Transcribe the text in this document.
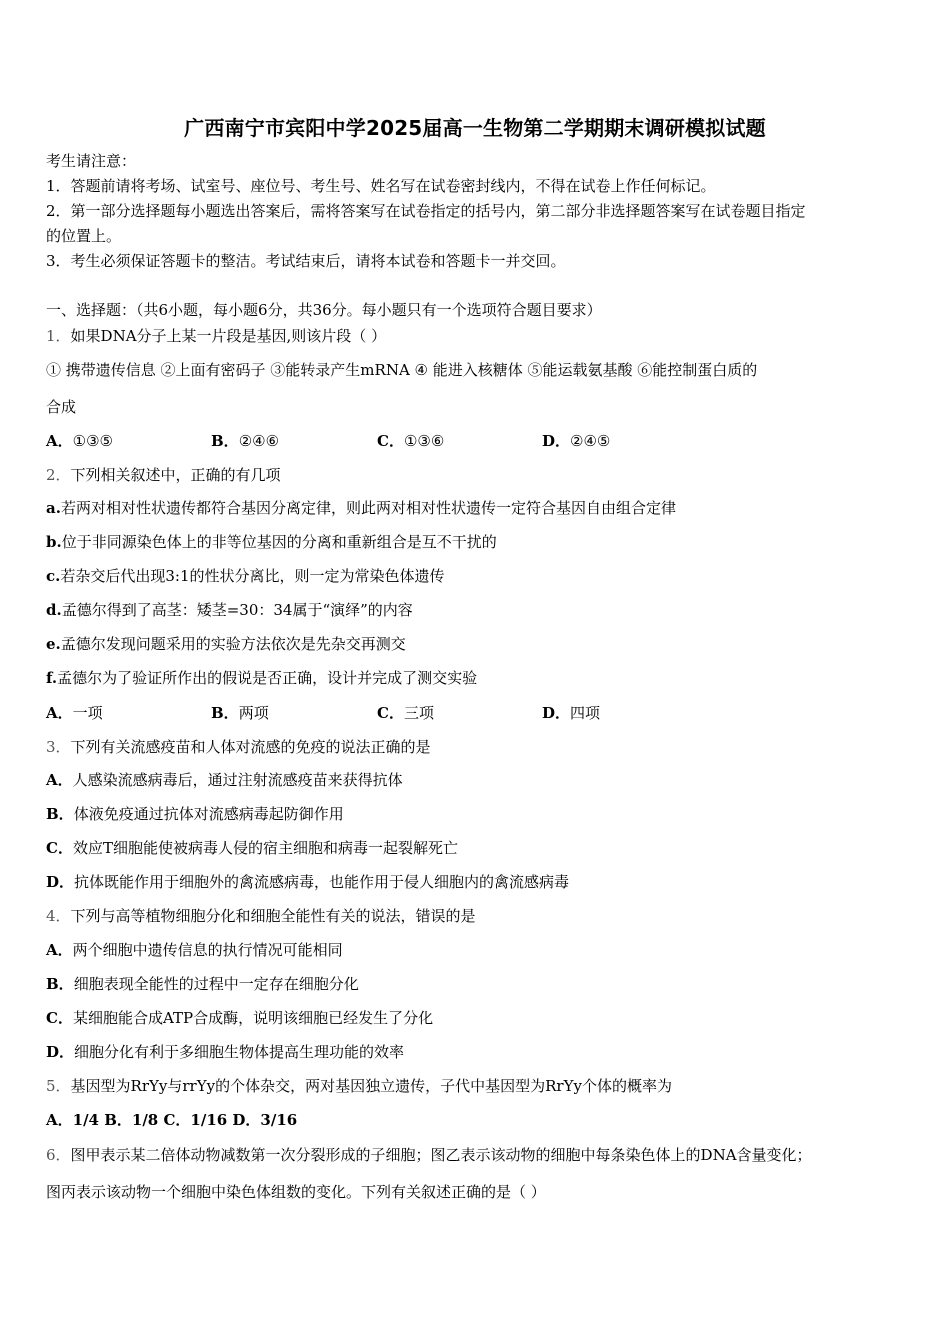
广西南宁市宾阳中学2025届高一生物第二学期期末调研模拟试题
考生请注意：
1．答题前请将考场、试室号、座位号、考生号、姓名写在试卷密封线内，不得在试卷上作任何标记。
2．第一部分选择题每小题选出答案后，需将答案写在试卷指定的括号内，第二部分非选择题答案写在试卷题目指定
的位置上。
3．考生必须保证答题卡的整洁。考试结束后，请将本试卷和答题卡一并交回。
一、选择题：（共6小题，每小题6分，共36分。每小题只有一个选项符合题目要求）
1．如果DNA分子上某一片段是基因,则该片段（ ）
① 携带遗传信息 ②上面有密码子 ③能转录产生mRNA ④ 能进入核糖体 ⑤能运载氨基酸 ⑥能控制蛋白质的
合成
A．①③⑤	B．②④⑥	C．①③⑥	D．②④⑤
2．下列相关叙述中，正确的有几项
a.若两对相对性状遗传都符合基因分离定律，则此两对相对性状遗传一定符合基因自由组合定律
b.位于非同源染色体上的非等位基因的分离和重新组合是互不干扰的
c.若杂交后代出现3:1的性状分离比，则一定为常染色体遗传
d.孟德尔得到了高茎：矮茎=30：34属于“演绎”的内容
e.孟德尔发现问题采用的实验方法依次是先杂交再测交
f.孟德尔为了验证所作出的假说是否正确，设计并完成了测交实验
A．一项	B．两项	C．三项	D．四项
3．下列有关流感疫苗和人体对流感的免疫的说法正确的是
A．人感染流感病毒后，通过注射流感疫苗来获得抗体
B．体液免疫通过抗体对流感病毒起防御作用
C．效应T细胞能使被病毒人侵的宿主细胞和病毒一起裂解死亡
D．抗体既能作用于细胞外的禽流感病毒，也能作用于侵人细胞内的禽流感病毒
4．下列与高等植物细胞分化和细胞全能性有关的说法，错误的是
A．两个细胞中遗传信息的执行情况可能相同
B．细胞表现全能性的过程中一定存在细胞分化
C．某细胞能合成ATP合成酶，说明该细胞已经发生了分化
D．细胞分化有利于多细胞生物体提高生理功能的效率
5．基因型为RrYy与rrYy的个体杂交，两对基因独立遗传，子代中基因型为RrYy个体的概率为
A．1/4 B．1/8 C．1/16 D．3/16
6．图甲表示某二倍体动物减数第一次分裂形成的子细胞；图乙表示该动物的细胞中每条染色体上的DNA含量变化；
图丙表示该动物一个细胞中染色体组数的变化。下列有关叙述正确的是（ ）
